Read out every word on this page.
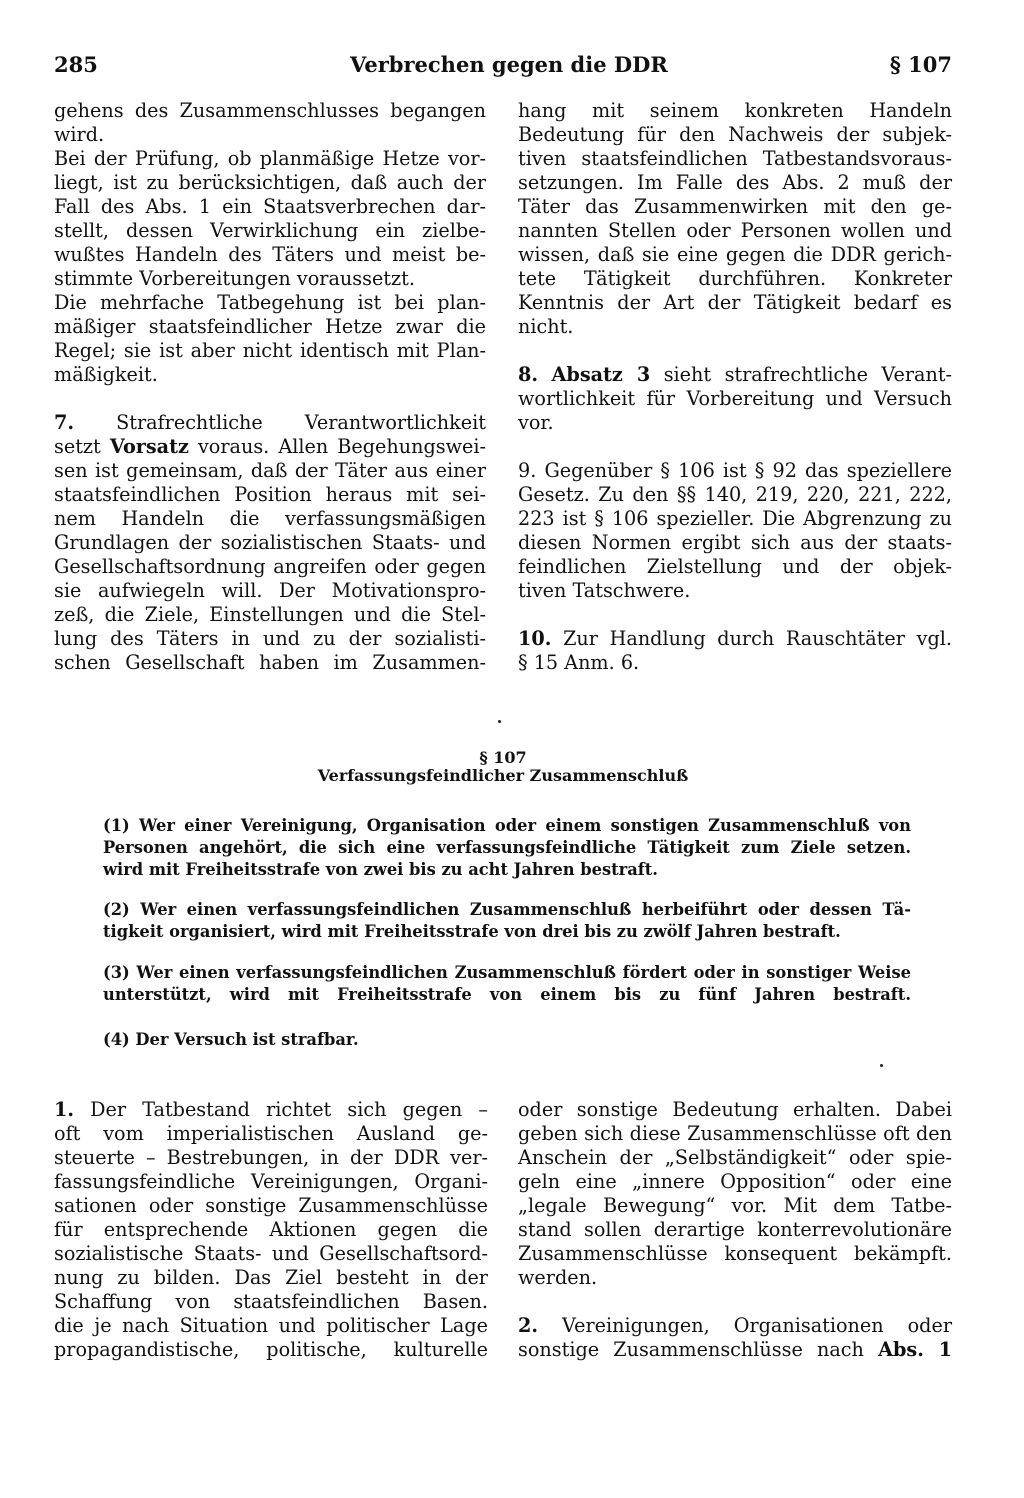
285	Verbrechen gegen die DDR	§ 107
gehens des Zusammenschlusses begangen
wird.
Bei der Prüfung, ob planmäßige Hetze vor-
liegt, ist zu berücksichtigen, daß auch der
Fall des Abs. 1 ein Staatsverbrechen dar-
stellt, dessen Verwirklichung ein zielbe-
wußtes Handeln des Täters und meist be-
stimmte Vorbereitungen voraussetzt.
Die mehrfache Tatbegehung ist bei plan-
mäßiger staatsfeindlicher Hetze zwar die
Regel; sie ist aber nicht identisch mit Plan-
mäßigkeit.
7. Strafrechtliche Verantwortlichkeit
setzt Vorsatz voraus. Allen Begehungswei-
sen ist gemeinsam, daß der Täter aus einer
staatsfeindlichen Position heraus mit sei-
nem Handeln die verfassungsmäßigen
Grundlagen der sozialistischen Staats- und
Gesellschaftsordnung angreifen oder gegen
sie aufwiegeln will. Der Motivationspro-
zeß, die Ziele, Einstellungen und die Stel-
lung des Täters in und zu der sozialisti-
schen Gesellschaft haben im Zusammen-
hang mit seinem konkreten Handeln
Bedeutung für den Nachweis der subjek-
tiven staatsfeindlichen Tatbestandsvoraus-
setzungen. Im Falle des Abs. 2 muß der
Täter das Zusammenwirken mit den ge-
nannten Stellen oder Personen wollen und
wissen, daß sie eine gegen die DDR gerich-
tete Tätigkeit durchführen. Konkreter
Kenntnis der Art der Tätigkeit bedarf es
nicht.
8. Absatz 3 sieht strafrechtliche Verant-
wortlichkeit für Vorbereitung und Versuch
vor.
9. Gegenüber § 106 ist § 92 das speziellere
Gesetz. Zu den §§ 140, 219, 220, 221, 222,
223 ist § 106 spezieller. Die Abgrenzung zu
diesen Normen ergibt sich aus der staats-
feindlichen Zielstellung und der objek-
tiven Tatschwere.
10. Zur Handlung durch Rauschtäter vgl.
§ 15 Anm. 6.
§ 107
Verfassungsfeindlicher Zusammenschluß
(1) Wer einer Vereinigung, Organisation oder einem sonstigen Zusammenschluß von
Personen angehört, die sich eine verfassungsfeindliche Tätigkeit zum Ziele setzen.
wird mit Freiheitsstrafe von zwei bis zu acht Jahren bestraft.
(2) Wer einen verfassungsfeindlichen Zusammenschluß herbeiführt oder dessen Tä-
tigkeit organisiert, wird mit Freiheitsstrafe von drei bis zu zwölf Jahren bestraft.
(3) Wer einen verfassungsfeindlichen Zusammenschluß fördert oder in sonstiger Weise
unterstützt, wird mit Freiheitsstrafe von einem bis zu fünf Jahren bestraft.
(4) Der Versuch ist strafbar.
1. Der Tatbestand richtet sich gegen –
oft vom imperialistischen Ausland ge-
steuerte – Bestrebungen, in der DDR ver-
fassungsfeindliche Vereinigungen, Organi-
sationen oder sonstige Zusammenschlüsse
für entsprechende Aktionen gegen die
sozialistische Staats- und Gesellschaftsord-
nung zu bilden. Das Ziel besteht in der
Schaffung von staatsfeindlichen Basen.
die je nach Situation und politischer Lage
propagandistische, politische, kulturelle
oder sonstige Bedeutung erhalten. Dabei
geben sich diese Zusammenschlüsse oft den
Anschein der „Selbständigkeit“ oder spie-
geln eine „innere Opposition“ oder eine
„legale Bewegung“ vor. Mit dem Tatbe-
stand sollen derartige konterrevolutionäre
Zusammenschlüsse konsequent bekämpft.
werden.
2. Vereinigungen, Organisationen oder
sonstige Zusammenschlüsse nach Abs. 1
